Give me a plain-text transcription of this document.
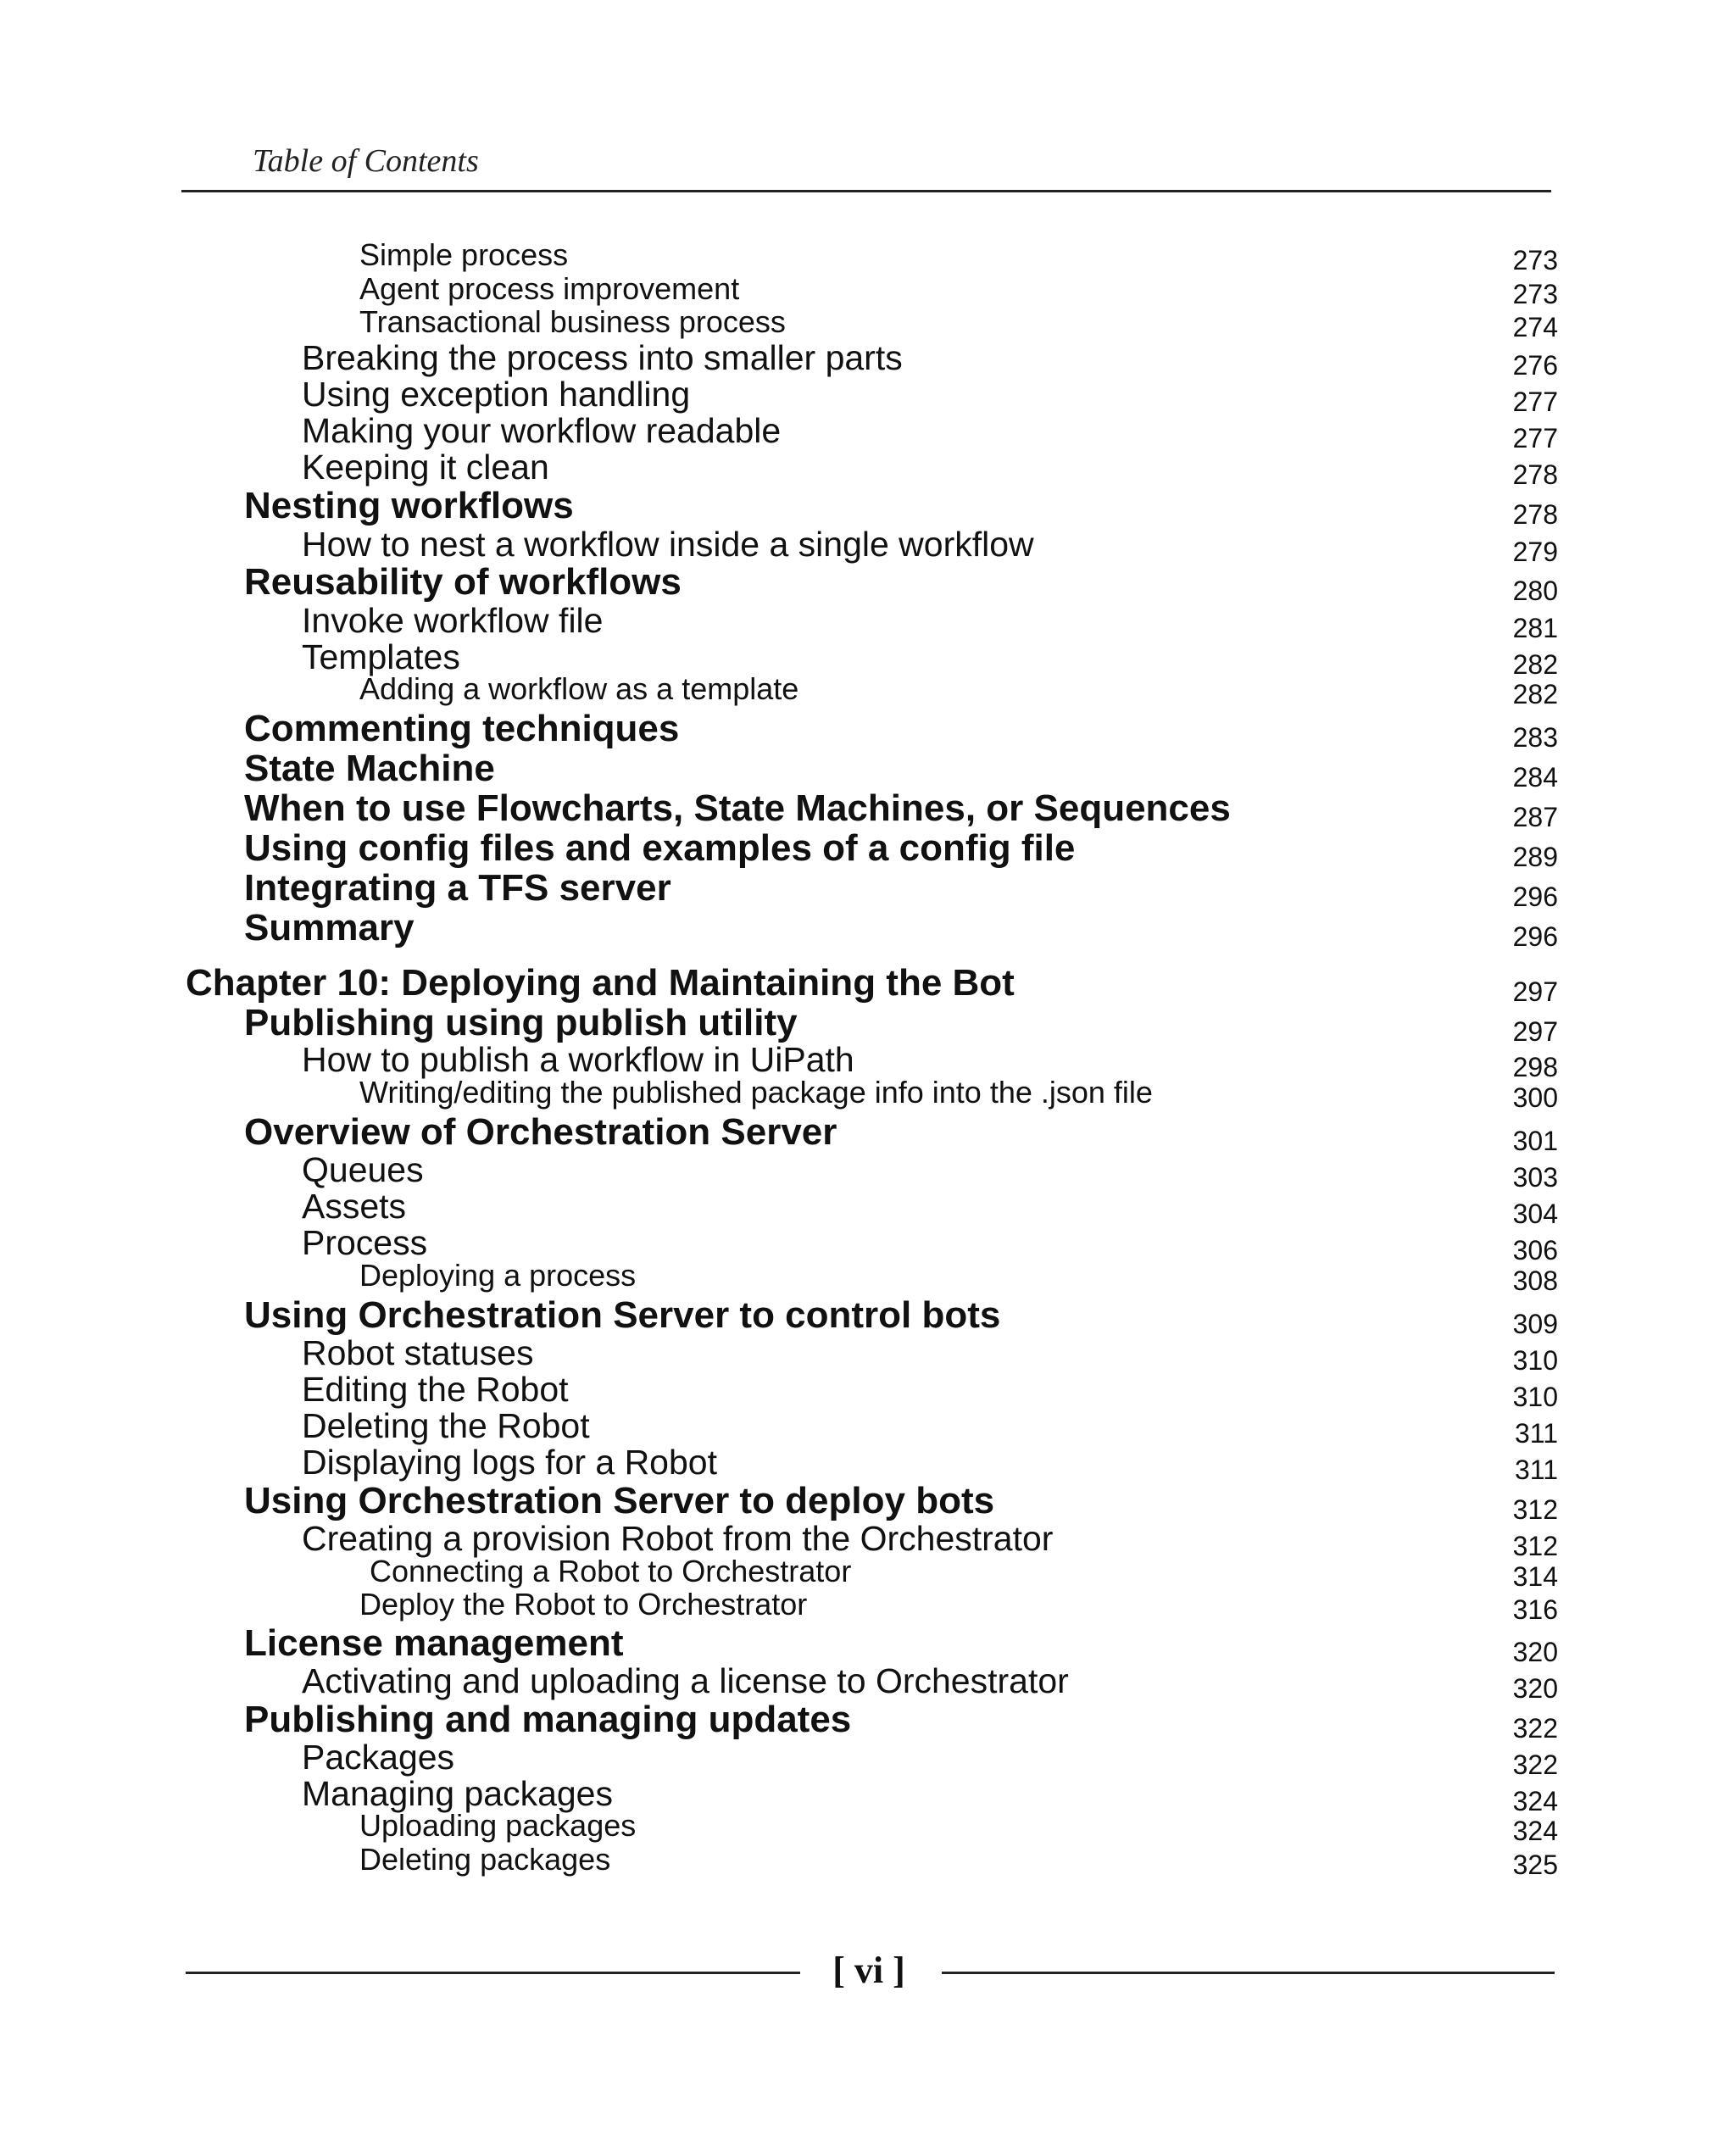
Table of Contents
Simple process	273
Agent process improvement	273
Transactional business process	274
Breaking the process into smaller parts	276
Using exception handling	277
Making your workflow readable	277
Keeping it clean	278
Nesting workflows	278
How to nest a workflow inside a single workflow	279
Reusability of workflows	280
Invoke workflow file	281
Templates	282
Adding a workflow as a template	282
Commenting techniques	283
State Machine	284
When to use Flowcharts, State Machines, or Sequences	287
Using config files and examples of a config file	289
Integrating a TFS server	296
Summary	296
Chapter 10: Deploying and Maintaining the Bot	297
Publishing using publish utility	297
How to publish a workflow in UiPath	298
Writing/editing the published package info into the .json file	300
Overview of Orchestration Server	301
Queues	303
Assets	304
Process	306
Deploying a process	308
Using Orchestration Server to control bots	309
Robot statuses	310
Editing the Robot	310
Deleting the Robot	311
Displaying logs for a Robot	311
Using Orchestration Server to deploy bots	312
Creating a provision Robot from the Orchestrator	312
Connecting a Robot to Orchestrator	314
Deploy the Robot to Orchestrator	316
License management	320
Activating and uploading a license to Orchestrator	320
Publishing and managing updates	322
Packages	322
Managing packages	324
Uploading packages	324
Deleting packages	325
[ vi ]
